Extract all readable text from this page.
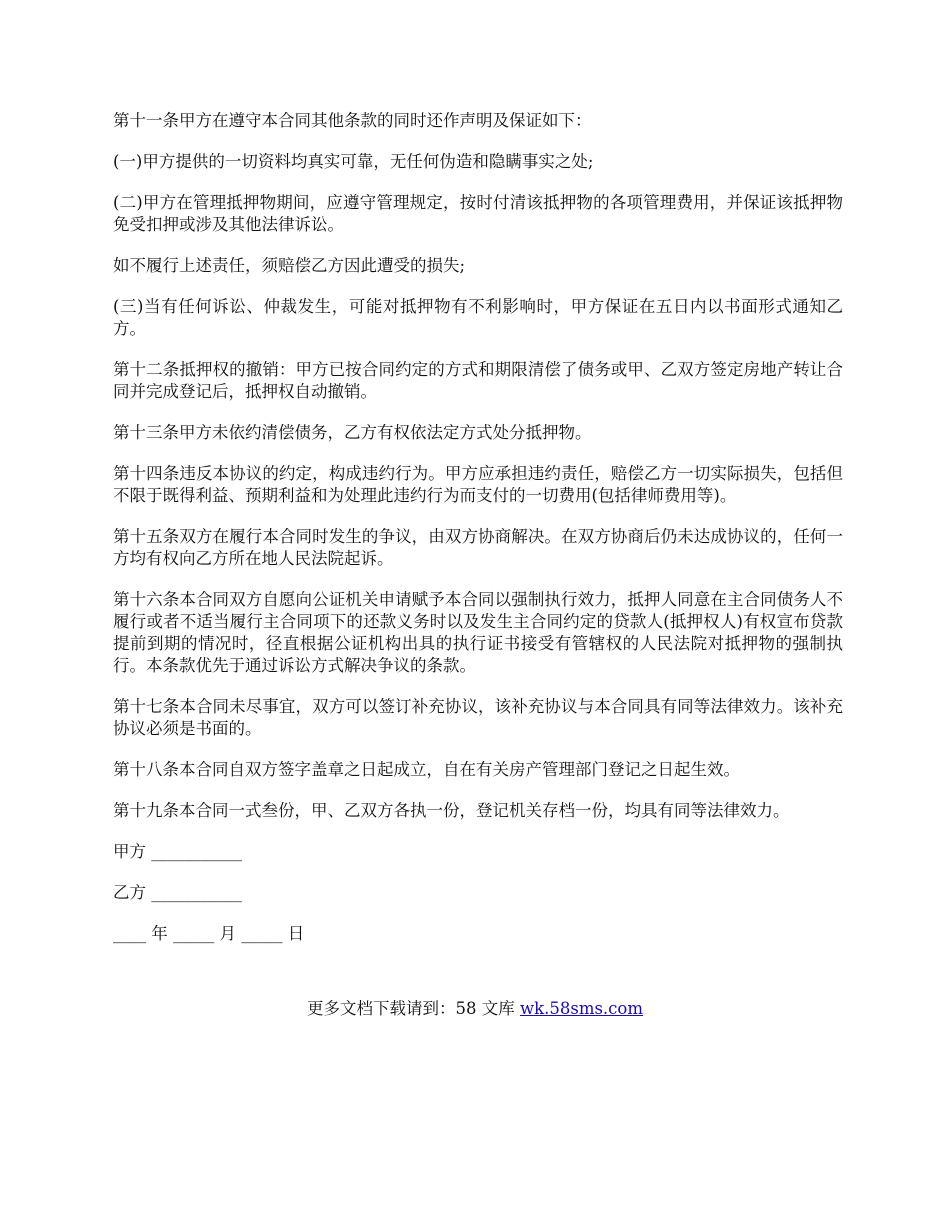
第十一条甲方在遵守本合同其他条款的同时还作声明及保证如下：

(一)甲方提供的一切资料均真实可靠，无任何伪造和隐瞒事实之处;

(二)甲方在管理抵押物期间，应遵守管理规定，按时付清该抵押物的各项管理费用，并保证该抵押物免受扣押或涉及其他法律诉讼。

如不履行上述责任，须赔偿乙方因此遭受的损失;

(三)当有任何诉讼、仲裁发生，可能对抵押物有不利影响时，甲方保证在五日内以书面形式通知乙方。

第十二条抵押权的撤销：甲方已按合同约定的方式和期限清偿了债务或甲、乙双方签定房地产转让合同并完成登记后，抵押权自动撤销。

第十三条甲方未依约清偿债务，乙方有权依法定方式处分抵押物。

第十四条违反本协议的约定，构成违约行为。甲方应承担违约责任，赔偿乙方一切实际损失，包括但不限于既得利益、预期利益和为处理此违约行为而支付的一切费用(包括律师费用等)。

第十五条双方在履行本合同时发生的争议，由双方协商解决。在双方协商后仍未达成协议的，任何一方均有权向乙方所在地人民法院起诉。

第十六条本合同双方自愿向公证机关申请赋予本合同以强制执行效力，抵押人同意在主合同债务人不履行或者不适当履行主合同项下的还款义务时以及发生主合同约定的贷款人(抵押权人)有权宣布贷款提前到期的情况时，径直根据公证机构出具的执行证书接受有管辖权的人民法院对抵押物的强制执行。本条款优先于通过诉讼方式解决争议的条款。

第十七条本合同未尽事宜，双方可以签订补充协议，该补充协议与本合同具有同等法律效力。该补充协议必须是书面的。

第十八条本合同自双方签字盖章之日起成立，自在有关房产管理部门登记之日起生效。

第十九条本合同一式叁份，甲、乙双方各执一份，登记机关存档一份，均具有同等法律效力。

甲方 ___________
乙方 ___________
____ 年 _____ 月 _____ 日
更多文档下载请到：58 文库 wk.58sms.com
